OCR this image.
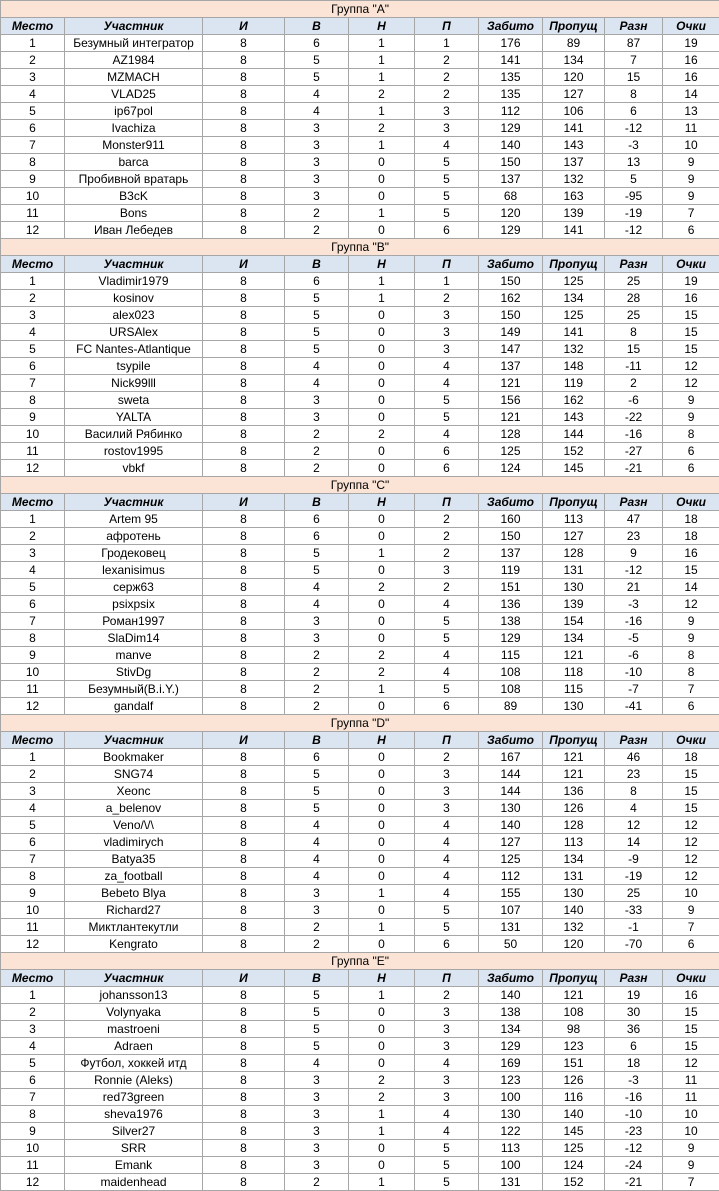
Группа "A"									
Место	Участник	И	В	Н	П	Забито	Пропущ	Разн	Очки
1	Безумный интегратор	8	6	1	1	176	89	87	19
2	AZ1984	8	5	1	2	141	134	7	16
3	MZMACH	8	5	1	2	135	120	15	16
4	VLAD25	8	4	2	2	135	127	8	14
5	ip67pol	8	4	1	3	112	106	6	13
6	Ivachiza	8	3	2	3	129	141	-12	11
7	Monster911	8	3	1	4	140	143	-3	10
8	barca	8	3	0	5	150	137	13	9
9	Пробивной вратарь	8	3	0	5	137	132	5	9
10	B3cK	8	3	0	5	68	163	-95	9
11	Bons	8	2	1	5	120	139	-19	7
12	Иван Лебедев	8	2	0	6	129	141	-12	6
Группа "B"									
Место	Участник	И	В	Н	П	Забито	Пропущ	Разн	Очки
1	Vladimir1979	8	6	1	1	150	125	25	19
2	kosinov	8	5	1	2	162	134	28	16
3	alex023	8	5	0	3	150	125	25	15
4	URSAlex	8	5	0	3	149	141	8	15
5	FC Nantes-Atlantique	8	5	0	3	147	132	15	15
6	tsypile	8	4	0	4	137	148	-11	12
7	Nick99lll	8	4	0	4	121	119	2	12
8	sweta	8	3	0	5	156	162	-6	9
9	YALTA	8	3	0	5	121	143	-22	9
10	Василий Рябинко	8	2	2	4	128	144	-16	8
11	rostov1995	8	2	0	6	125	152	-27	6
12	vbkf	8	2	0	6	124	145	-21	6
Группа "C"									
Место	Участник	И	В	Н	П	Забито	Пропущ	Разн	Очки
1	Artem 95	8	6	0	2	160	113	47	18
2	афротень	8	6	0	2	150	127	23	18
3	Гродековец	8	5	1	2	137	128	9	16
4	lexanisimus	8	5	0	3	119	131	-12	15
5	серж63	8	4	2	2	151	130	21	14
6	psixpsix	8	4	0	4	136	139	-3	12
7	Роман1997	8	3	0	5	138	154	-16	9
8	SlaDim14	8	3	0	5	129	134	-5	9
9	manve	8	2	2	4	115	121	-6	8
10	StivDg	8	2	2	4	108	118	-10	8
11	Безумный(B.i.Y.)	8	2	1	5	108	115	-7	7
12	gandalf	8	2	0	6	89	130	-41	6
Группа "D"									
Место	Участник	И	В	Н	П	Забито	Пропущ	Разн	Очки
1	Bookmaker	8	6	0	2	167	121	46	18
2	SNG74	8	5	0	3	144	121	23	15
3	Xeonc	8	5	0	3	144	136	8	15
4	a_belenov	8	5	0	3	130	126	4	15
5	Veno/\/\	8	4	0	4	140	128	12	12
6	vladimirych	8	4	0	4	127	113	14	12
7	Batya35	8	4	0	4	125	134	-9	12
8	za_football	8	4	0	4	112	131	-19	12
9	Bebeto Blya	8	3	1	4	155	130	25	10
10	Richard27	8	3	0	5	107	140	-33	9
11	Миктлантекутли	8	2	1	5	131	132	-1	7
12	Kengrato	8	2	0	6	50	120	-70	6
Группа "E"									
Место	Участник	И	В	Н	П	Забито	Пропущ	Разн	Очки
1	johansson13	8	5	1	2	140	121	19	16
2	Volynyaka	8	5	0	3	138	108	30	15
3	mastroeni	8	5	0	3	134	98	36	15
4	Adraen	8	5	0	3	129	123	6	15
5	Футбол, хоккей итд	8	4	0	4	169	151	18	12
6	Ronnie (Aleks)	8	3	2	3	123	126	-3	11
7	red73green	8	3	2	3	100	116	-16	11
8	sheva1976	8	3	1	4	130	140	-10	10
9	Silver27	8	3	1	4	122	145	-23	10
10	SRR	8	3	0	5	113	125	-12	9
11	Emank	8	3	0	5	100	124	-24	9
12	maidenhead	8	2	1	5	131	152	-21	7
